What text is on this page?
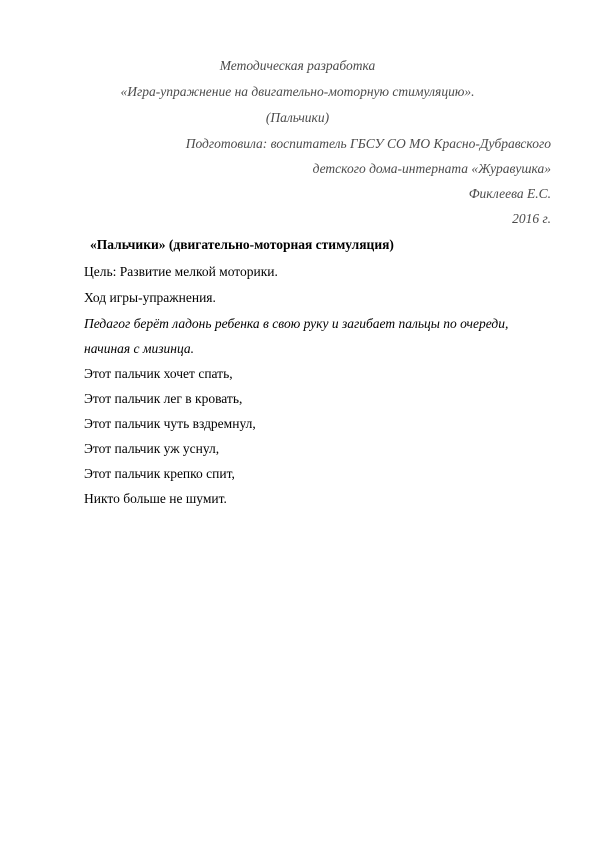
Методическая разработка
«Игра-упражнение на двигательно-моторную стимуляцию».
(Пальчики)
Подготовила: воспитатель ГБСУ СО МО Красно-Дубравского
детского дома-интерната «Журавушка»
Фиклеева Е.С.
2016 г.
«Пальчики» (двигательно-моторная стимуляция)
Цель: Развитие мелкой моторики.
Ход игры-упражнения.
Педагог берёт ладонь ребенка в свою руку и загибает пальцы по очереди,
начиная с мизинца.
Этот пальчик хочет спать,
Этот пальчик лег в кровать,
Этот пальчик чуть вздремнул,
Этот пальчик уж уснул,
Этот пальчик крепко спит,
Никто больше не шумит.
